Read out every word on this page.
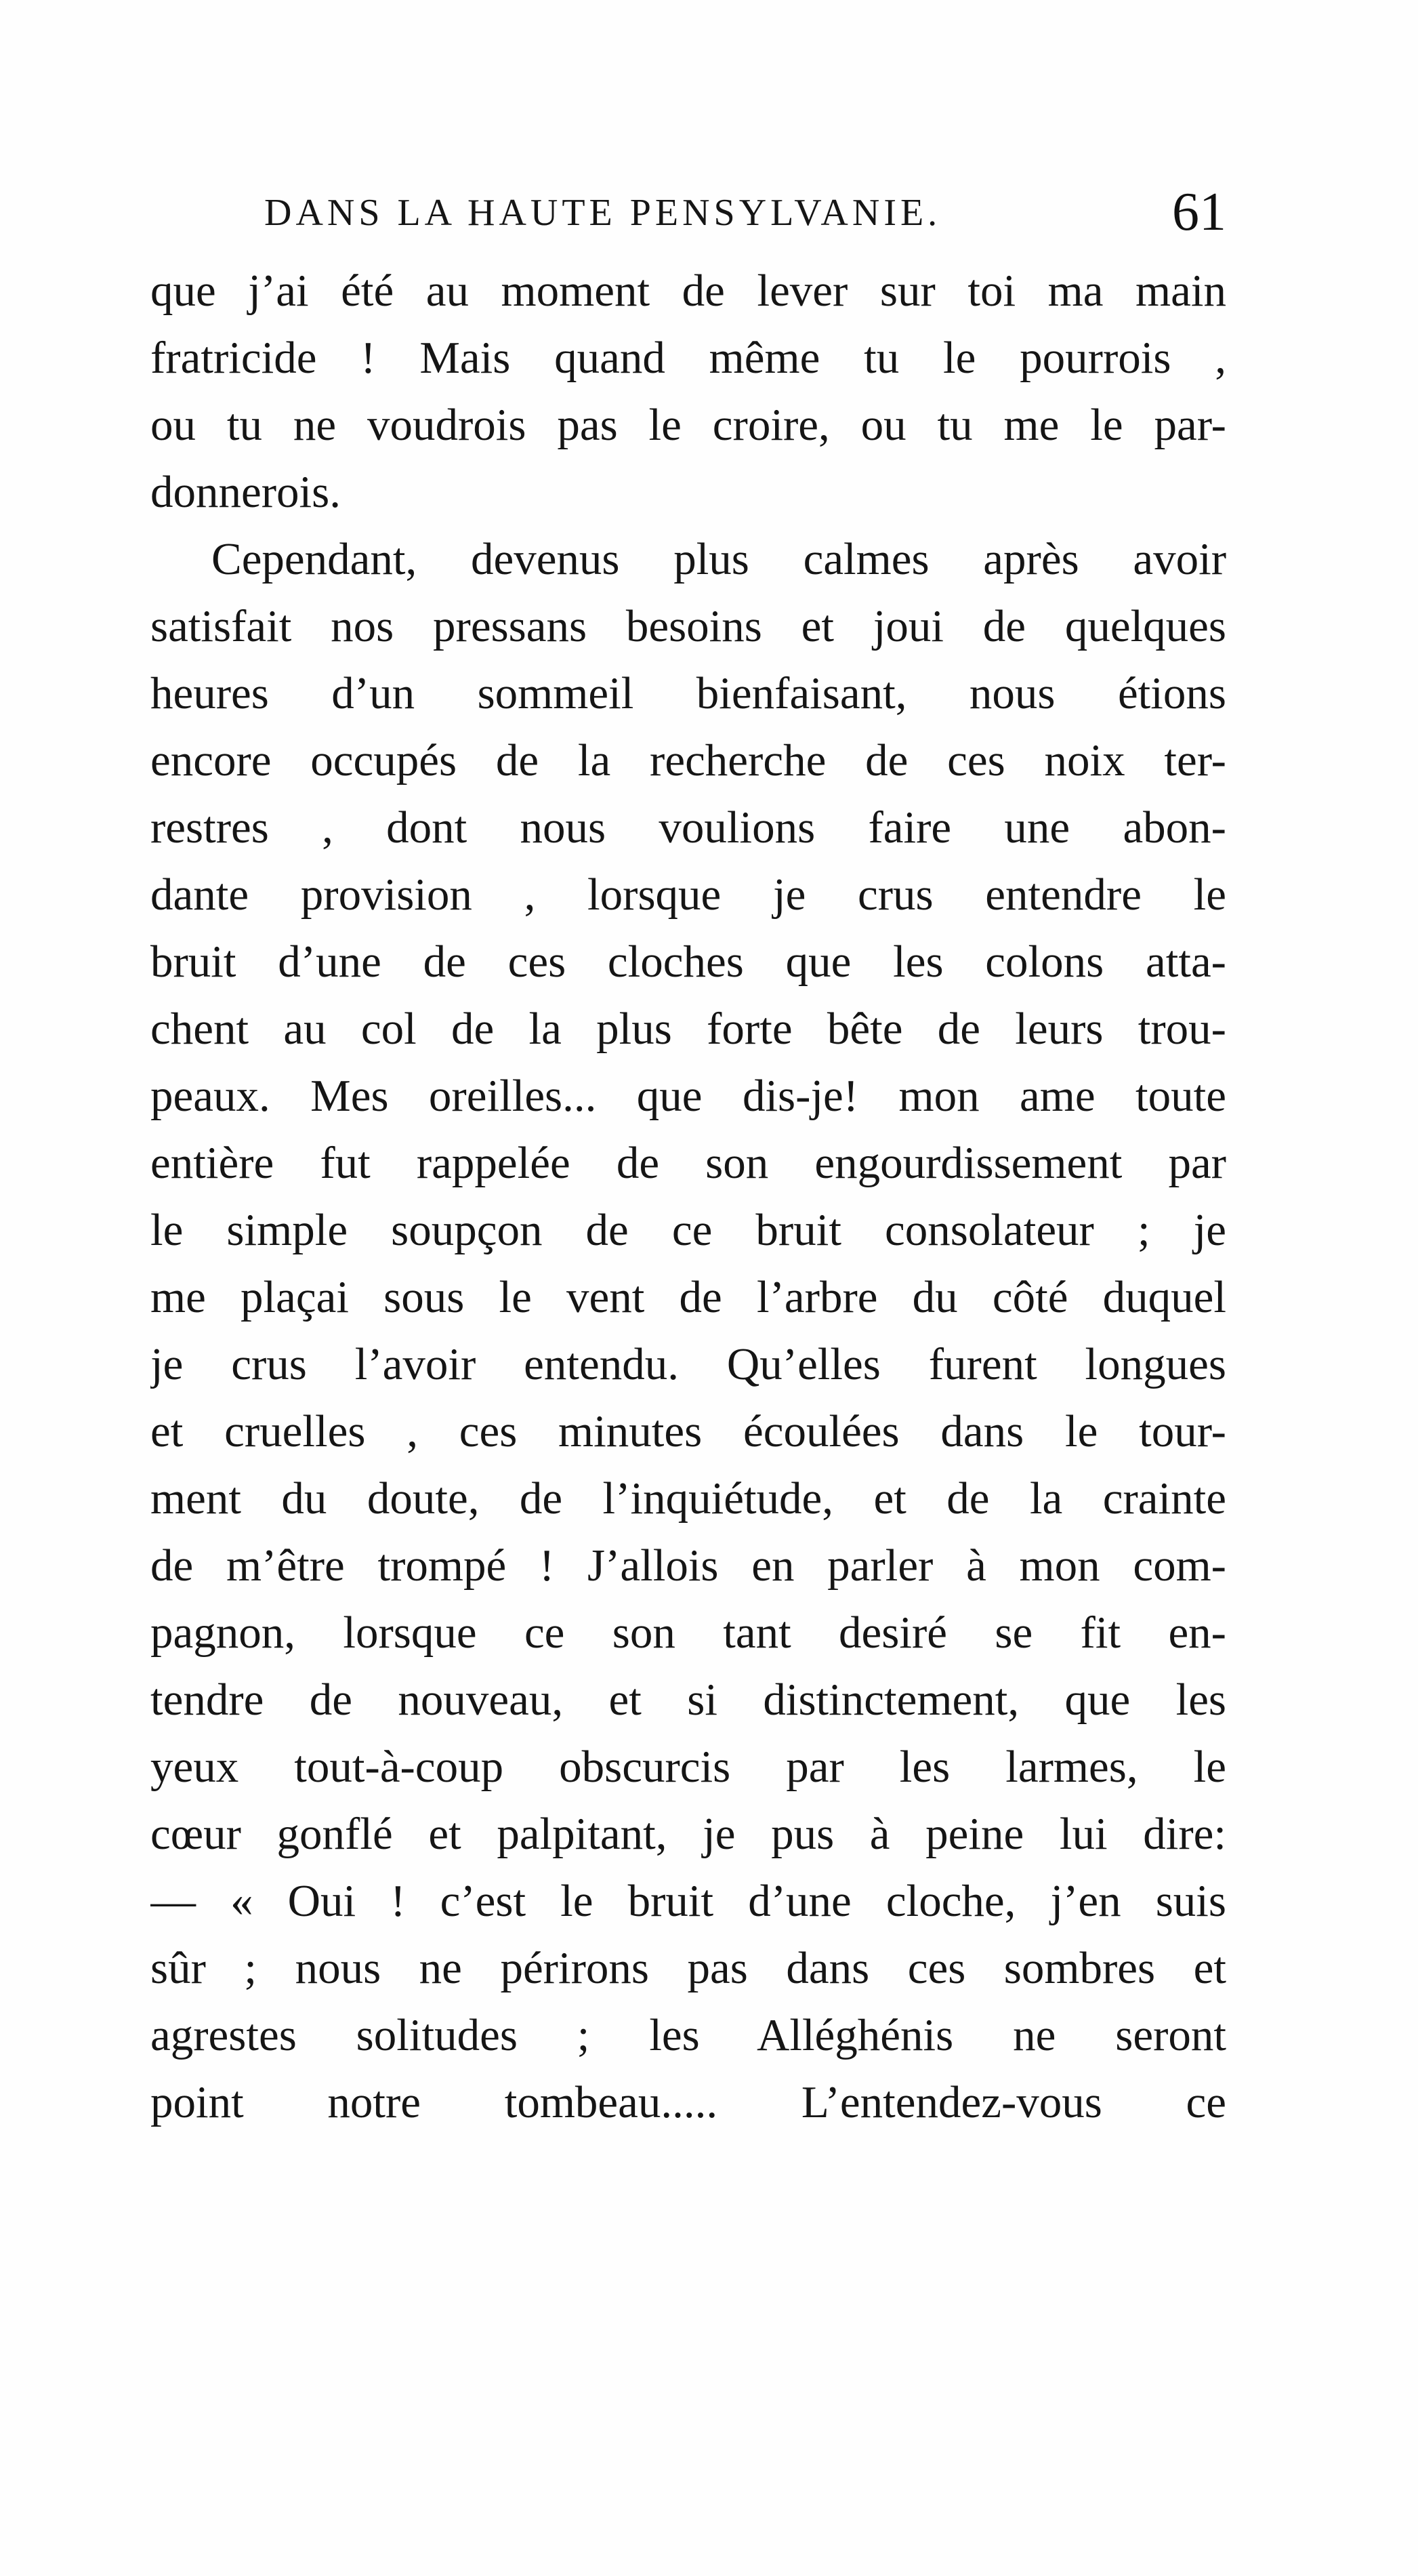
DANS LA HAUTE PENSYLVANIE.	61
que j’ai été au moment de lever sur toi ma main
fratricide ! Mais quand même tu le pourrois ,
ou tu ne voudrois pas le croire, ou tu me le par-
donnerois.
Cependant, devenus plus calmes après avoir
satisfait nos pressans besoins et joui de quelques
heures d’un sommeil bienfaisant, nous étions
encore occupés de la recherche de ces noix ter-
restres , dont nous voulions faire une abon-
dante provision , lorsque je crus entendre le
bruit d’une de ces cloches que les colons atta-
chent au col de la plus forte bête de leurs trou-
peaux. Mes oreilles... que dis-je! mon ame toute
entière fut rappelée de son engourdissement par
le simple soupçon de ce bruit consolateur ; je
me plaçai sous le vent de l’arbre du côté duquel
je crus l’avoir entendu. Qu’elles furent longues
et cruelles , ces minutes écoulées dans le tour-
ment du doute, de l’inquiétude, et de la crainte
de m’être trompé ! J’allois en parler à mon com-
pagnon, lorsque ce son tant desiré se fit en-
tendre de nouveau, et si distinctement, que les
yeux tout-à-coup obscurcis par les larmes, le
cœur gonflé et palpitant, je pus à peine lui dire:
— « Oui ! c’est le bruit d’une cloche, j’en suis
sûr ; nous ne périrons pas dans ces sombres et
agrestes solitudes ; les Alléghénis ne seront
point notre tombeau..... L’entendez-vous ce
